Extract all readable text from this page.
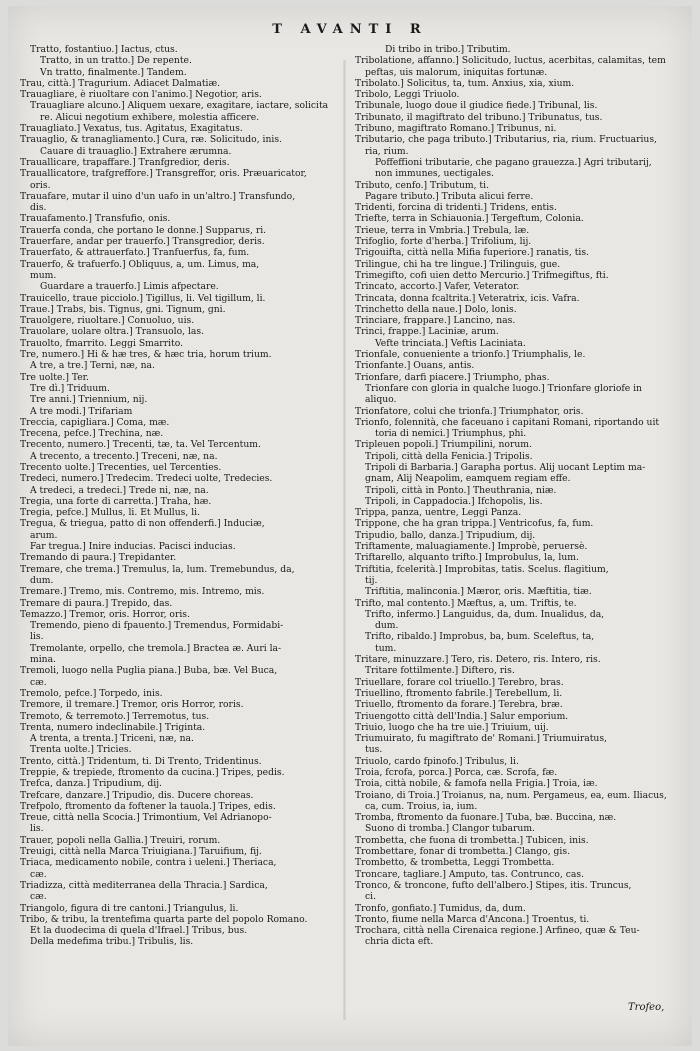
T AVANTI R
Tratto, fostantiuo.] Iactus, ctus.
Tratto, in un tratto.] De repente.
Vn tratto, finalmente.] Tandem.
Trau, città.] Tragurium. Adiacet Dalmatiæ.
Trauagliare, è riuoltare con l'animo.] Negotior, aris.
Trauagliare alcuno.] Aliquem uexare, exagitare, iactare, solicita
re. Alicui negotium exhibere, molestia afficere.
Trauagliato.] Vexatus, tus. Agitatus, Exagitatus.
Trauaglio, & tranagliamento.] Cura, ræ. Solicitudo, inis.
Cauare di trauaglio.] Extrahere ærumna.
Trauallicare, trapaffare.] Tranfgredior, deris.
Trauallicatore, trafgreffore.] Transgreffor, oris. Præuaricator,
oris.
Trauafare, mutar il uino d'un uafo in un'altro.] Transfundo,
dis.
Trauafamento.] Transfufio, onis.
Trauerfa conda, che portano le donne.] Supparus, ri.
Trauerfare, andar per trauerfo.] Transgredior, deris.
Trauerfato, & attrauerfato.] Tranfuerfus, fa, fum.
Trauerfo, & trafuerfo.] Obliquus, a, um. Limus, ma,
mum.
Guardare a trauerfo.] Limis afpectare.
Trauicello, traue picciolo.] Tigillus, li. Vel tigillum, li.
Traue.] Trabs, bis. Tignus, gni. Tignum, gni.
Trauolgere, riuoltare.] Conuoluo, uis.
Trauolare, uolare oltra.] Transuolo, las.
Trauolto, fmarrito. Leggi Smarrito.
Tre, numero.] Hi & hæ tres, & hæc tria, horum trium.
A tre, a tre.] Terni, næ, na.
Tre uolte.] Ter.
Tre dì.] Triduum.
Tre anni.] Triennium, nij.
A tre modi.] Trifariam
Treccia, capigliara.] Coma, mæ.
Trecena, pefce.] Trechina, næ.
Trecento, numero.] Trecenti, tæ, ta. Vel Tercentum.
A trecento, a trecento.] Treceni, næ, na.
Trecento uolte.] Trecenties, uel Tercenties.
Tredeci, numero.] Tredecim. Tredeci uolte, Tredecies.
A tredeci, a tredeci.] Trede ni, næ, na.
Tregia, una forte di carretta.] Traha, hæ.
Tregia, pefce.] Mullus, li. Et Mullus, li.
Tregua, & triegua, patto di non offenderfi.] Induciæ,
arum.
Far tregua.] Inire inducias. Pacisci inducias.
Tremando di paura.] Trepidanter.
Tremare, che trema.] Tremulus, la, lum. Tremebundus, da,
dum.
Tremare.] Tremo, mis. Contremo, mis. Intremo, mis.
Tremare di paura.] Trepido, das.
Temazzo.] Tremor, oris. Horror, oris.
Tremendo, pieno di fpauento.] Tremendus, Formidabi-
lis.
Tremolante, orpello, che tremola.] Bractea æ. Auri la-
mina.
Tremoli, luogo nella Puglia piana.] Buba, bæ. Vel Buca,
cæ.
Tremolo, pefce.] Torpedo, inis.
Tremore, il tremare.] Tremor, oris Horror, roris.
Tremoto, & terremoto.] Terremotus, tus.
Trenta, numero indeclinabile.] Triginta.
A trenta, a trenta.] Triceni, næ, na.
Trenta uolte.] Tricies.
Trento, città.] Tridentum, ti. Di Trento, Tridentinus.
Treppie, & trepiede, ftromento da cucina.] Tripes, pedis.
Trefca, danza.] Tripudium, dij.
Trefcare, danzare.] Tripudio, dis. Ducere choreas.
Trefpolo, ftromento da foftener la tauola.] Tripes, edis.
Treue, città nella Scocia.] Trimontium, Vel Adrianopo-
lis.
Trauer, popoli nella Gallia.] Treuiri, rorum.
Treuigi, città nella Marca Triuigiana.] Taruifium, fij.
Triaca, medicamento nobile, contra i ueleni.] Theriaca,
cæ.
Triadizza, città mediterranea della Thracia.] Sardica,
cæ.
Triangolo, figura di tre cantoni.] Triangulus, li.
Tribo, & tribu, la trentefima quarta parte del popolo Romano.
Et la duodecima di quela d'Ifrael.] Tribus, bus.
Della medefima tribu.] Tribulis, lis.
Di tribo in tribo.] Tributim.
Tribolatione, affanno.] Solicitudo, luctus, acerbitas, calamitas, tem
peftas, uis malorum, iniquitas fortunæ.
Tribolato.] Solicitus, ta, tum. Anxius, xia, xium.
Tribolo, Leggi Triuolo.
Tribunale, luogo doue il giudice fiede.] Tribunal, lis.
Tribunato, il magiftrato del tribuno.] Tribunatus, tus.
Tribuno, magiftrato Romano.] Tribunus, ni.
Tributario, che paga tributo.] Tributarius, ria, rium. Fructuarius,
ria, rium.
Poffeffioni tributarie, che pagano grauezza.] Agri tributarij,
non immunes, uectigales.
Tributo, cenfo.] Tributum, ti.
Pagare tributo.] Tributa alicui ferre.
Tridenti, forcina di tridenti.] Tridens, entis.
Triefte, terra in Schiauonia.] Tergeftum, Colonia.
Trieue, terra in Vmbria.] Trebula, læ.
Trifoglio, forte d'herba.] Trifolium, lij.
Trigouifta, città nella Mifia fuperiore.] ranatis, tis.
Trilingue, chi ha tre lingue.] Trilinguis, gue.
Trimegifto, cofi uien detto Mercurio.] Trifmegiftus, fti.
Trincato, accorto.] Vafer, Veterator.
Trincata, donna fcaltrita.] Veteratrix, icis. Vafra.
Trinchetto della naue.] Dolo, lonis.
Trinciare, frappare.] Lancino, nas.
Trinci, frappe.] Laciniæ, arum.
Vefte trinciata.] Veftis Laciniata.
Trionfale, conueniente a trionfo.] Triumphalis, le.
Trionfante.] Ouans, antis.
Trionfare, darfi piacere.] Triumpho, phas.
Trionfare con gloria in qualche luogo.] Trionfare gloriofe in
aliquo.
Trionfatore, colui che trionfa.] Triumphator, oris.
Trionfo, folennità, che faceuano i capitani Romani, riportando uit
toria di nemici.] Triumphus, phi.
Tripleuen popoli.] Triumpilini, norum.
Tripoli, città della Fenicia.] Tripolis.
Tripoli di Barbaria.] Garapha portus. Alij uocant Leptim ma-
gnam, Alij Neapolim, eamquem regiam effe.
Tripoli, città in Ponto.] Theuthrania, niæ.
Tripoli, in Cappadocia.] Ifchopolis, lis.
Trippa, panza, uentre, Leggi Panza.
Trippone, che ha gran trippa.] Ventricofus, fa, fum.
Tripudio, ballo, danza.] Tripudium, dij.
Triftamente, maluagiamente.] Improbè, peruersè.
Triftarello, alquanto trifto.] Improbulus, la, lum.
Triftitia, fcelerità.] Improbitas, tatis. Scelus. flagitium,
tij.
Triftitia, malinconia.] Mæror, oris. Mæftitia, tiæ.
Trifto, mal contento.] Mæftus, a, um. Triftis, te.
Trifto, infermo.] Languidus, da, dum. Inualidus, da,
dum.
Trifto, ribaldo.] Improbus, ba, bum. Sceleftus, ta,
tum.
Tritare, minuzzare.] Tero, ris. Detero, ris. Intero, ris.
Tritare fottilmente.] Diftero, ris.
Triuellare, forare col triuello.] Terebro, bras.
Triuellino, ftromento fabrile.] Terebellum, li.
Triuello, ftromento da forare.] Terebra, bræ.
Triuengotto città dell'India.] Salur emporium.
Triuio, luogo che ha tre uie.] Triuium, uij.
Triumuirato, fu magiftrato de' Romani.] Triumuiratus,
tus.
Triuolo, cardo fpinofo.] Tribulus, li.
Troia, fcrofa, porca.] Porca, cæ. Scrofa, fæ.
Troia, città nobile, & famofa nella Frigia.] Troia, iæ.
Troiano, di Troia.] Troianus, na, num. Pergameus, ea, eum. Iliacus,
ca, cum. Troius, ia, ium.
Tromba, ftromento da fuonare.] Tuba, bæ. Buccina, næ.
Suono di tromba.] Clangor tubarum.
Trombetta, che fuona di trombetta.] Tubicen, inis.
Trombettare, fonar di trombetta.] Clango, gis.
Trombetto, & trombetta, Leggi Trombetta.
Troncare, tagliare.] Amputo, tas. Contrunco, cas.
Tronco, & troncone, fufto dell'albero.] Stipes, itis. Truncus,
ci.
Tronfo, gonfiato.] Tumidus, da, dum.
Tronto, fiume nella Marca d'Ancona.] Troentus, ti.
Trochara, città nella Cirenaica regione.] Arfineo, quæ & Teu-
chria dicta eft.
Trofeo,
